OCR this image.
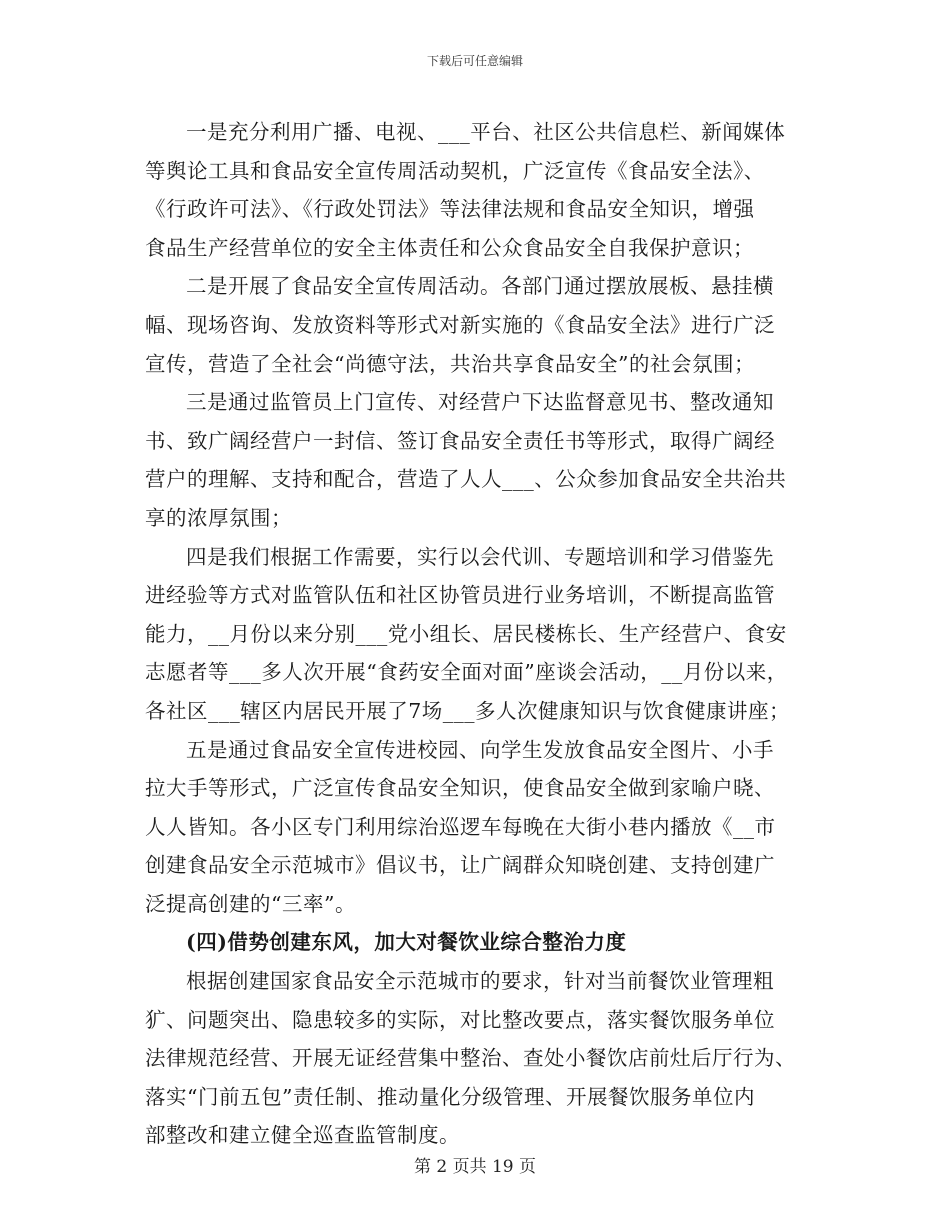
下载后可任意编辑
一是充分利用广播、电视、___平台、社区公共信息栏、新闻媒体
等舆论工具和食品安全宣传周活动契机，广泛宣传《食品安全法》、
《行政许可法》、《行政处罚法》等法律法规和食品安全知识，增强
食品生产经营单位的安全主体责任和公众食品安全自我保护意识；
二是开展了食品安全宣传周活动。各部门通过摆放展板、悬挂横
幅、现场咨询、发放资料等形式对新实施的《食品安全法》进行广泛
宣传，营造了全社会“尚德守法，共治共享食品安全”的社会氛围；
三是通过监管员上门宣传、对经营户下达监督意见书、整改通知
书、致广阔经营户一封信、签订食品安全责任书等形式，取得广阔经
营户的理解、支持和配合，营造了人人___、公众参加食品安全共治共
享的浓厚氛围；
四是我们根据工作需要，实行以会代训、专题培训和学习借鉴先
进经验等方式对监管队伍和社区协管员进行业务培训，不断提高监管
能力，__月份以来分别___党小组长、居民楼栋长、生产经营户、食安
志愿者等___多人次开展“食药安全面对面”座谈会活动，__月份以来，
各社区___辖区内居民开展了7场___多人次健康知识与饮食健康讲座；
五是通过食品安全宣传进校园、向学生发放食品安全图片、小手
拉大手等形式，广泛宣传食品安全知识，使食品安全做到家喻户晓、
人人皆知。各小区专门利用综治巡逻车每晚在大街小巷内播放《__市
创建食品安全示范城市》倡议书，让广阔群众知晓创建、支持创建广
泛提高创建的“三率”。
(四)借势创建东风，加大对餐饮业综合整治力度
根据创建国家食品安全示范城市的要求，针对当前餐饮业管理粗
犷、问题突出、隐患较多的实际，对比整改要点，落实餐饮服务单位
法律规范经营、开展无证经营集中整治、查处小餐饮店前灶后厅行为、
落实“门前五包”责任制、推动量化分级管理、开展餐饮服务单位内
部整改和建立健全巡查监管制度。
第 2 页共 19 页
